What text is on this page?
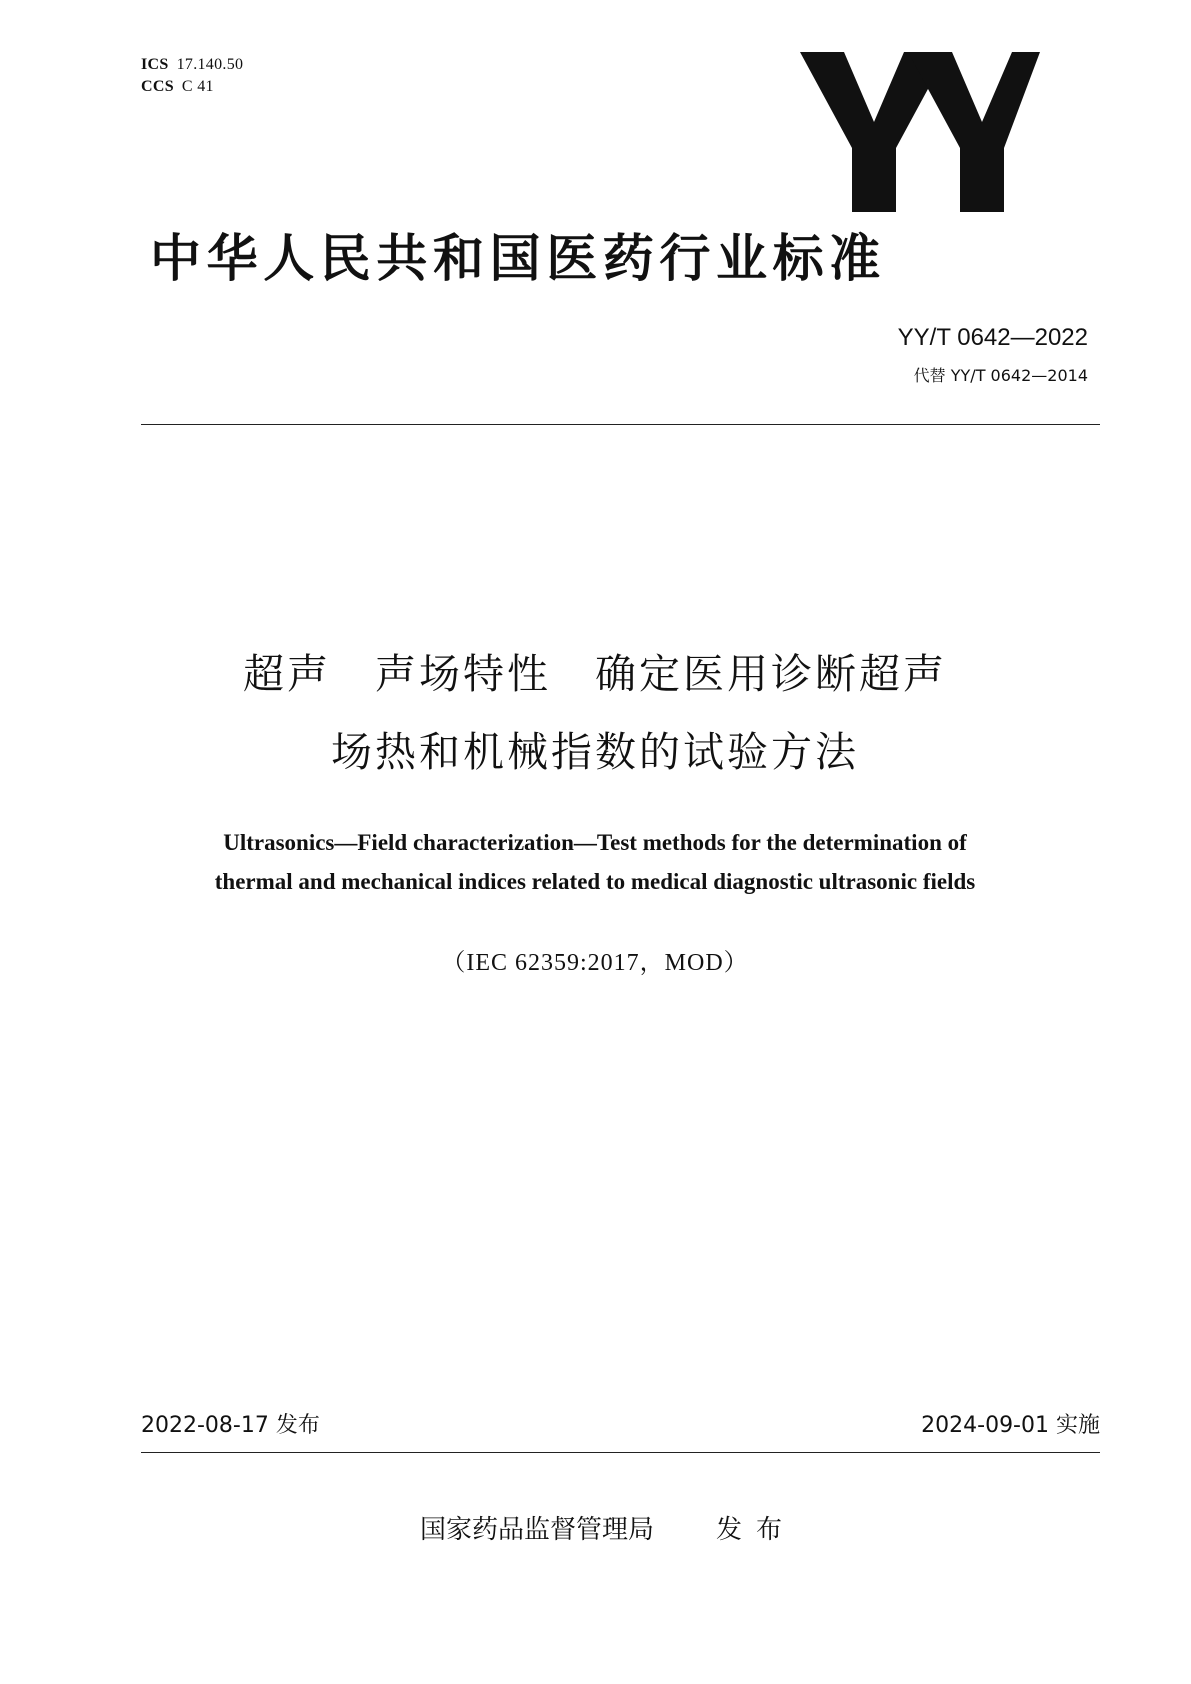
ICS 17.140.50
CCS C 41
中华人民共和国医药行业标准
YY/T 0642—2022
代替 YY/T 0642—2014
超声　声场特性　确定医用诊断超声
场热和机械指数的试验方法
Ultrasonics—Field characterization—Test methods for the determination of
thermal and mechanical indices related to medical diagnostic ultrasonic fields
（IEC 62359:2017，MOD）
2022-08-17 发布	2024-09-01 实施
国家药品监督管理局 发布
